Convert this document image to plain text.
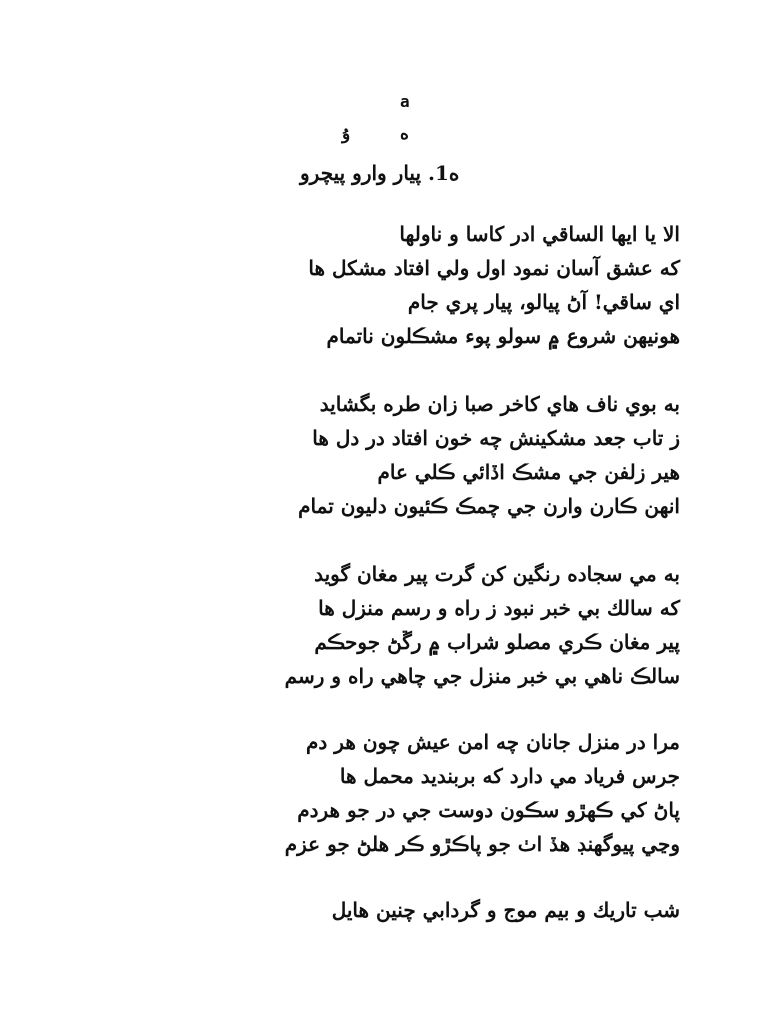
a
ه
ۇ
ه1. پيار وارو پيچرو
الا يا ايها الساقي ادر كاسا و ناولها
كه عشق آسان نمود اول ولي افتاد مشكل ها
اي ساقي! آڻ پيالو، پيار پري جام
هونيهن شروع ۾ سولو پوء مشڪلون ناتمام
به بوي ناف هاي كاخر صبا زان طره بگشايد
ز تاب جعد مشكينش چه خون افتاد در دل ها
هير زلفن جي مشڪ اڏائي ڪلي عام
انهن ڪارن وارن جي چمڪ ڪئيون دليون تمام
به مي سجاده رنگين كن گرت پير مغان گويد
كه سالك بي خبر نبود ز راه و رسم منزل ها
پير مغان ڪري مصلو شراب ۾ رڱڻ جوحڪم
سالڪ ناهي بي خبر منزل جي چاهي راه و رسم
مرا در منزل جانان چه امن عيش چون هر دم
جرس فرياد مي دارد كه بربنديد محمل ها
پاڻ کي ڪهڙو سڪون دوست جي در جو هردم
وڃي پيوگهنڊ هڏ اٺ جو پاڪڙو ڪر هلڻ جو عزم
شب تاريك و بيم موج و گردابي چنين هايل
